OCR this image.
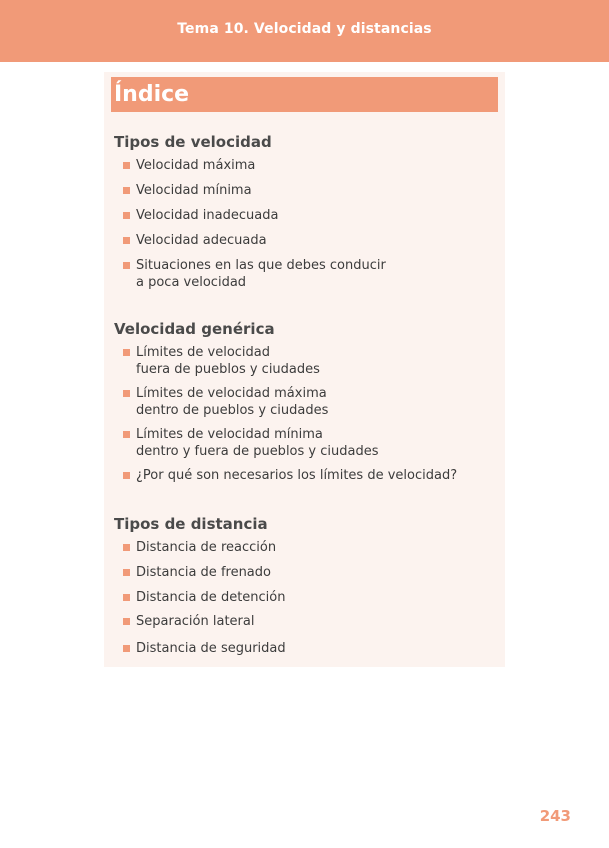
Tema 10. Velocidad y distancias
Índice
Tipos de velocidad
Velocidad máxima
Velocidad mínima
Velocidad inadecuada
Velocidad adecuada
Situaciones en las que debes conducir
a poca velocidad
Velocidad genérica
Límites de velocidad
fuera de pueblos y ciudades
Límites de velocidad máxima
dentro de pueblos y ciudades
Límites de velocidad mínima
dentro y fuera de pueblos y ciudades
¿Por qué son necesarios los límites de velocidad?
Tipos de distancia
Distancia de reacción
Distancia de frenado
Distancia de detención
Separación lateral
Distancia de seguridad
243
